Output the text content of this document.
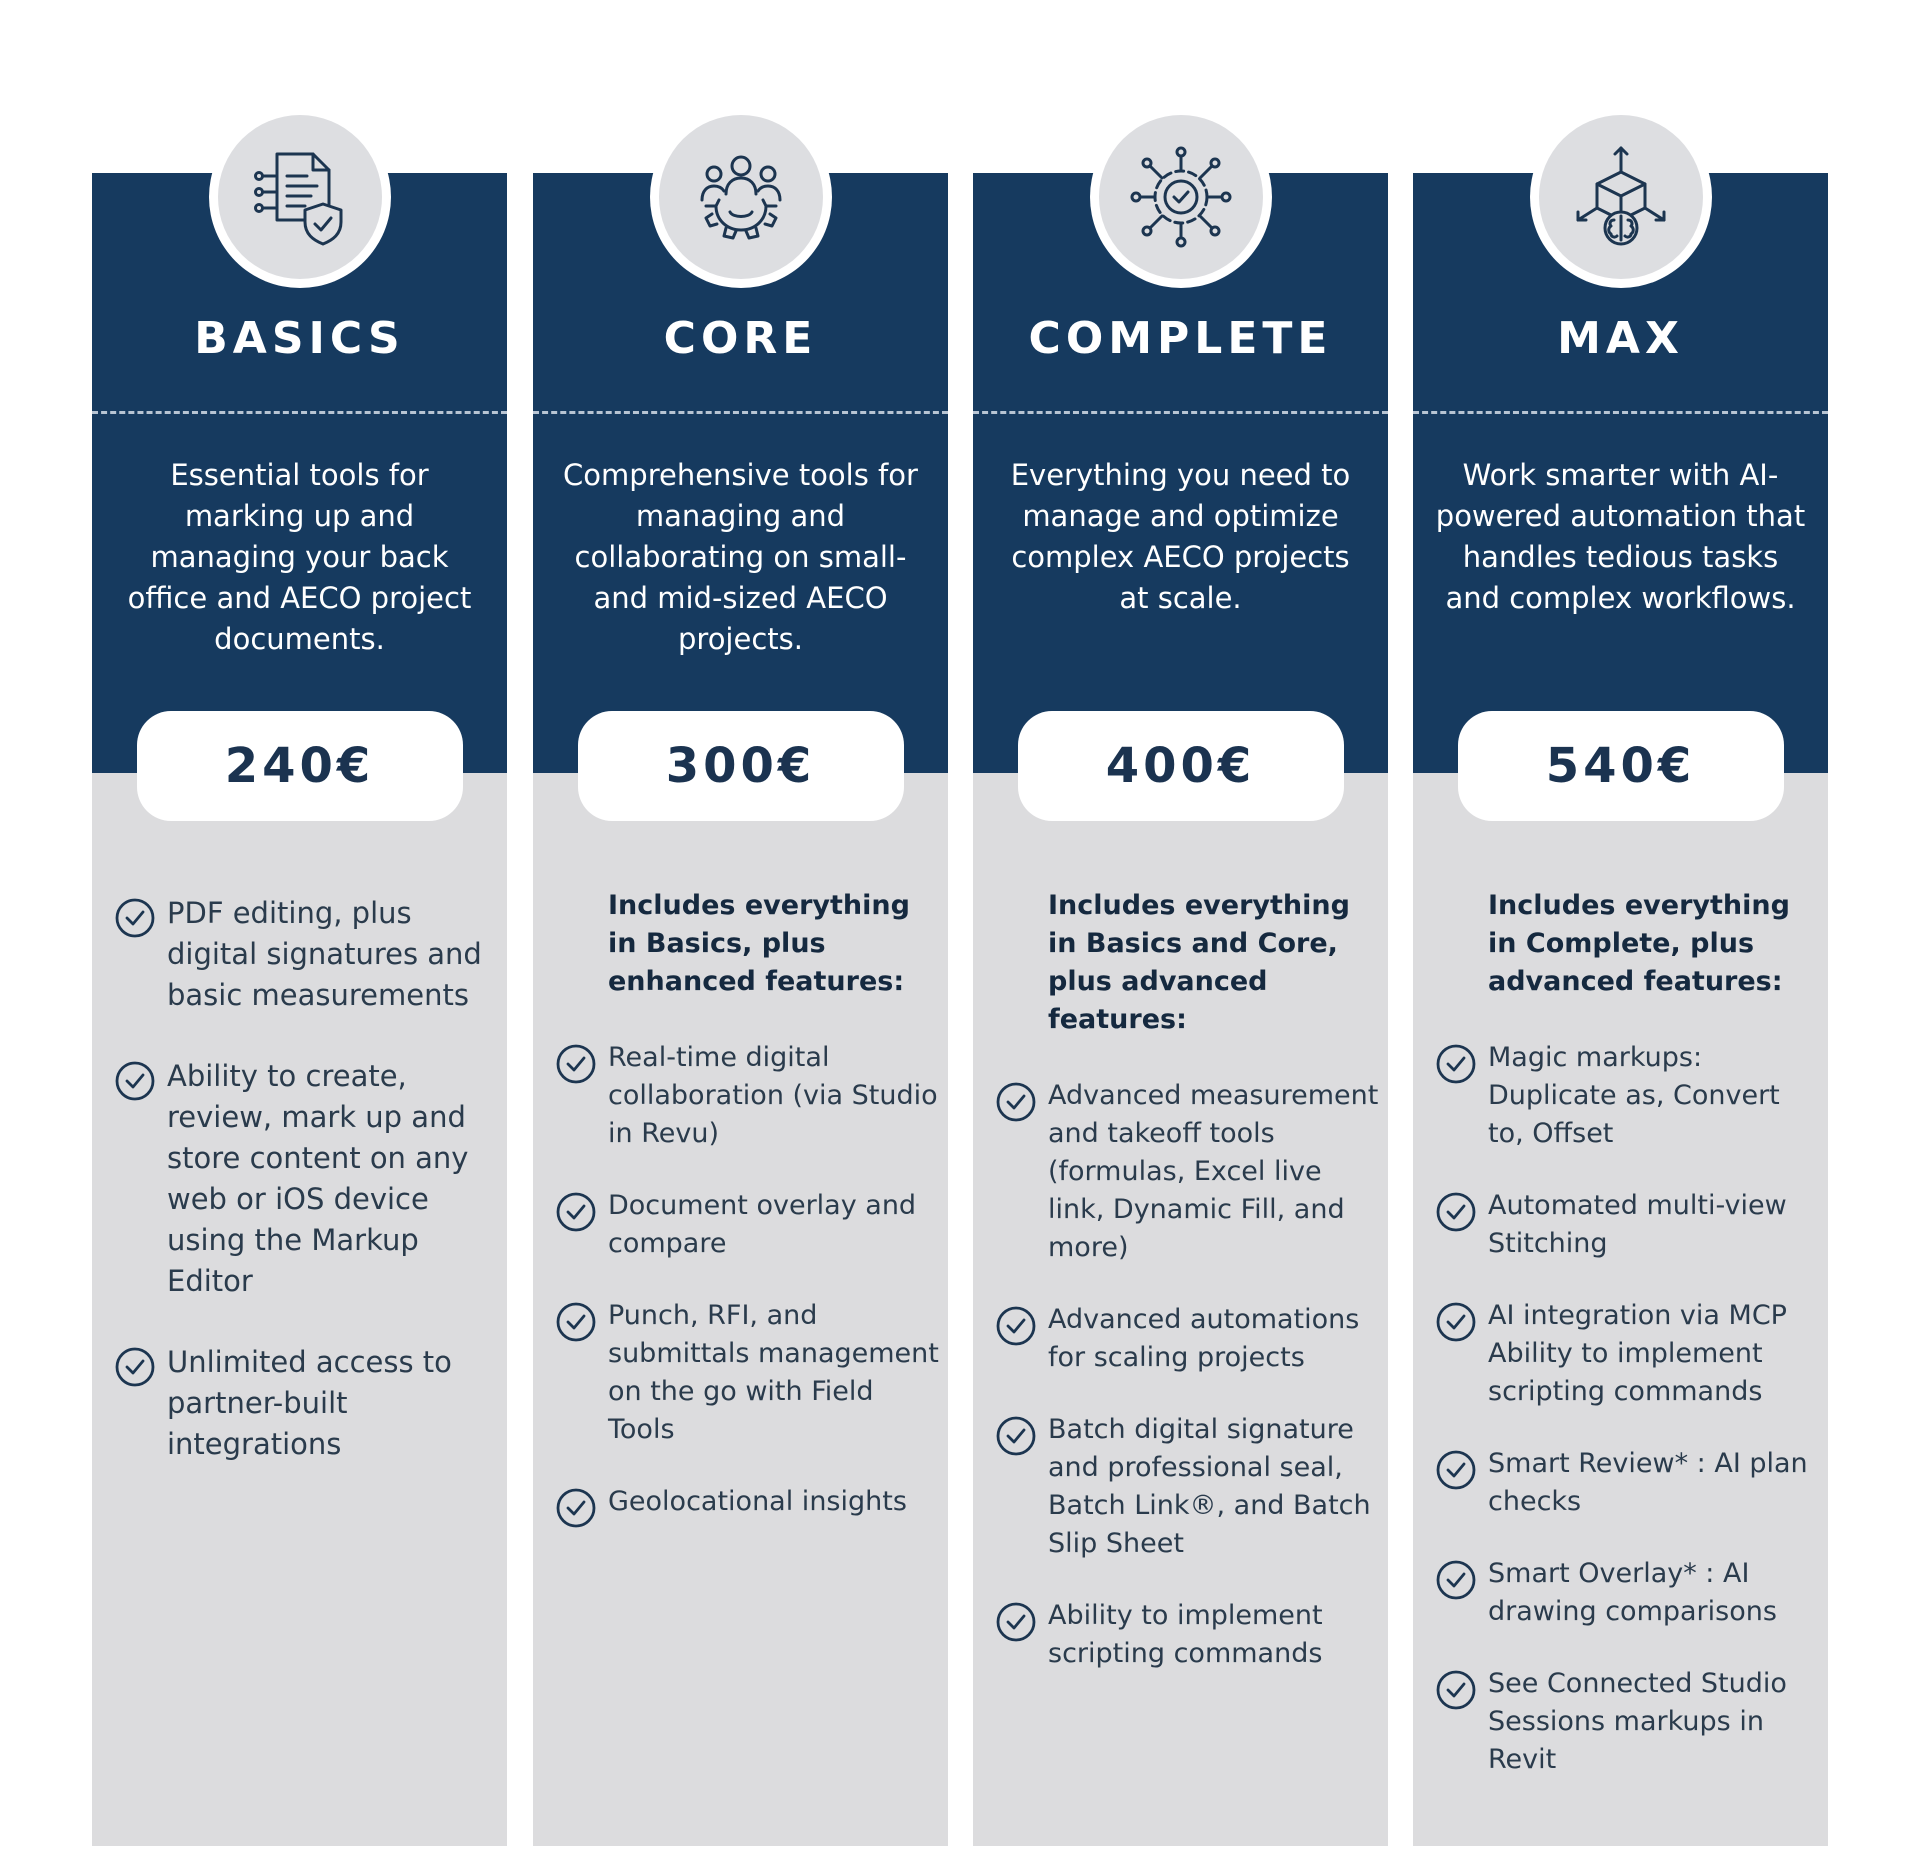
BASICS
Essential tools for marking up and managing your back office and AECO project documents.
240€
PDF editing, plus digital signatures and basic measurements
Ability to create, review, mark up and store content on any web or iOS device using the Markup Editor
Unlimited access to partner-built integrations
CORE
Comprehensive tools for managing and collaborating on small- and mid-sized AECO projects.
300€
Includes everything in Basics, plus enhanced features:
Real-time digital collaboration (via Studio in Revu)
Document overlay and compare
Punch, RFI, and submittals management on the go with Field Tools
Geolocational insights
COMPLETE
Everything you need to manage and optimize complex AECO projects at scale.
400€
Includes everything in Basics and Core, plus advanced features:
Advanced measurement and takeoff tools (formulas, Excel live link, Dynamic Fill, and more)
Advanced automations for scaling projects
Batch digital signature and professional seal, Batch Link®, and Batch Slip Sheet
Ability to implement scripting commands
MAX
Work smarter with AI-powered automation that handles tedious tasks and complex workflows.
540€
Includes everything in Complete, plus advanced features:
Magic markups: Duplicate as, Convert to, Offset
Automated multi-view Stitching
AI integration via MCP Ability to implement scripting commands
Smart Review* : AI plan checks
Smart Overlay* : AI drawing comparisons
See Connected Studio Sessions markups in Revit
